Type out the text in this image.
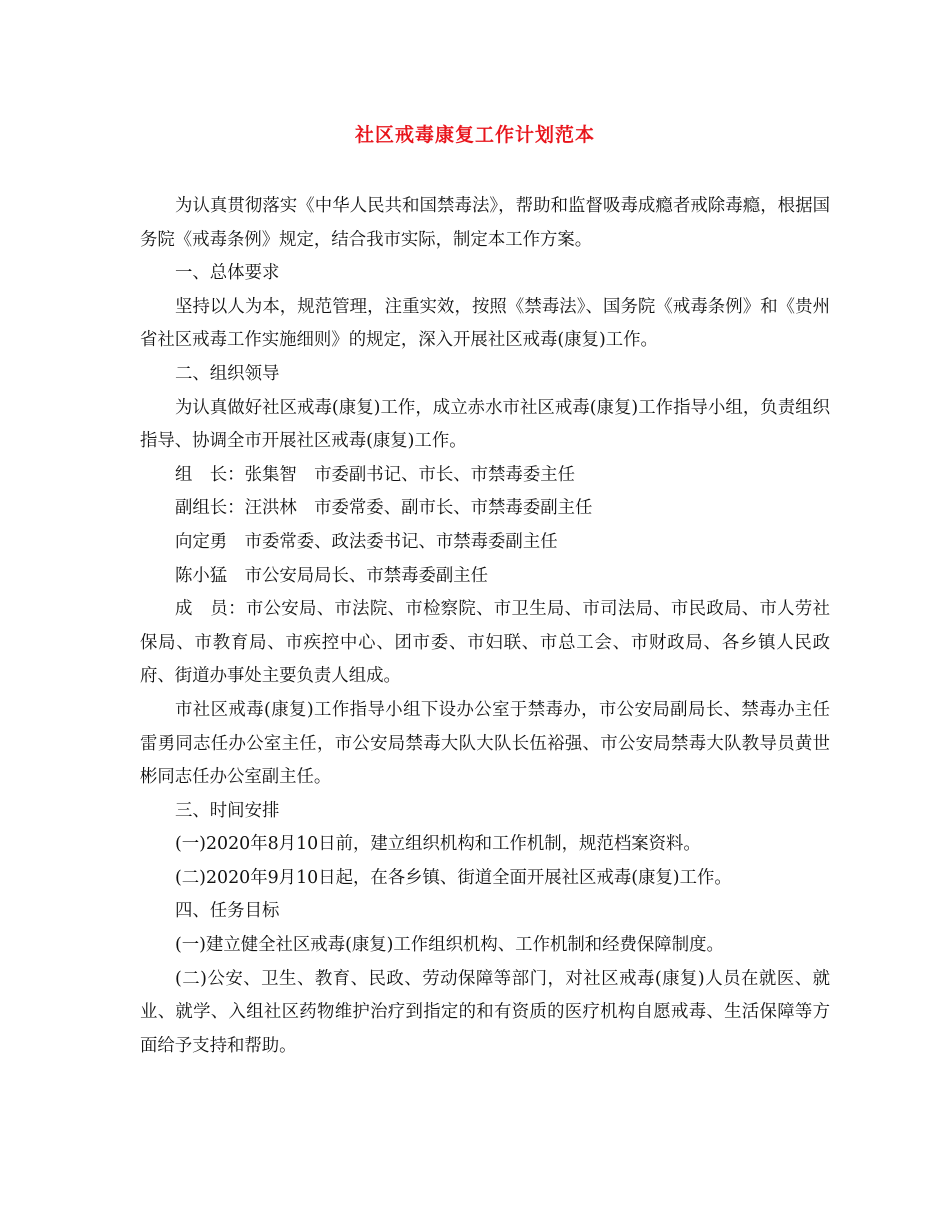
社区戒毒康复工作计划范本

为认真贯彻落实《中华人民共和国禁毒法》，帮助和监督吸毒成瘾者戒除毒瘾，根据国务院《戒毒条例》规定，结合我市实际，制定本工作方案。

一、总体要求

坚持以人为本，规范管理，注重实效，按照《禁毒法》、国务院《戒毒条例》和《贵州省社区戒毒工作实施细则》的规定，深入开展社区戒毒(康复)工作。

二、组织领导

为认真做好社区戒毒(康复)工作，成立赤水市社区戒毒(康复)工作指导小组，负责组织指导、协调全市开展社区戒毒(康复)工作。

组　长：张集智　市委副书记、市长、市禁毒委主任

副组长：汪洪林　市委常委、副市长、市禁毒委副主任

向定勇　市委常委、政法委书记、市禁毒委副主任

陈小猛　市公安局局长、市禁毒委副主任

成　员：市公安局、市法院、市检察院、市卫生局、市司法局、市民政局、市人劳社保局、市教育局、市疾控中心、团市委、市妇联、市总工会、市财政局、各乡镇人民政府、街道办事处主要负责人组成。

市社区戒毒(康复)工作指导小组下设办公室于禁毒办，市公安局副局长、禁毒办主任雷勇同志任办公室主任，市公安局禁毒大队大队长伍裕强、市公安局禁毒大队教导员黄世彬同志任办公室副主任。

三、时间安排

(一)2020年8月10日前，建立组织机构和工作机制，规范档案资料。

(二)2020年9月10日起，在各乡镇、街道全面开展社区戒毒(康复)工作。

四、任务目标

(一)建立健全社区戒毒(康复)工作组织机构、工作机制和经费保障制度。

(二)公安、卫生、教育、民政、劳动保障等部门，对社区戒毒(康复)人员在就医、就业、就学、入组社区药物维护治疗到指定的和有资质的医疗机构自愿戒毒、生活保障等方面给予支持和帮助。
